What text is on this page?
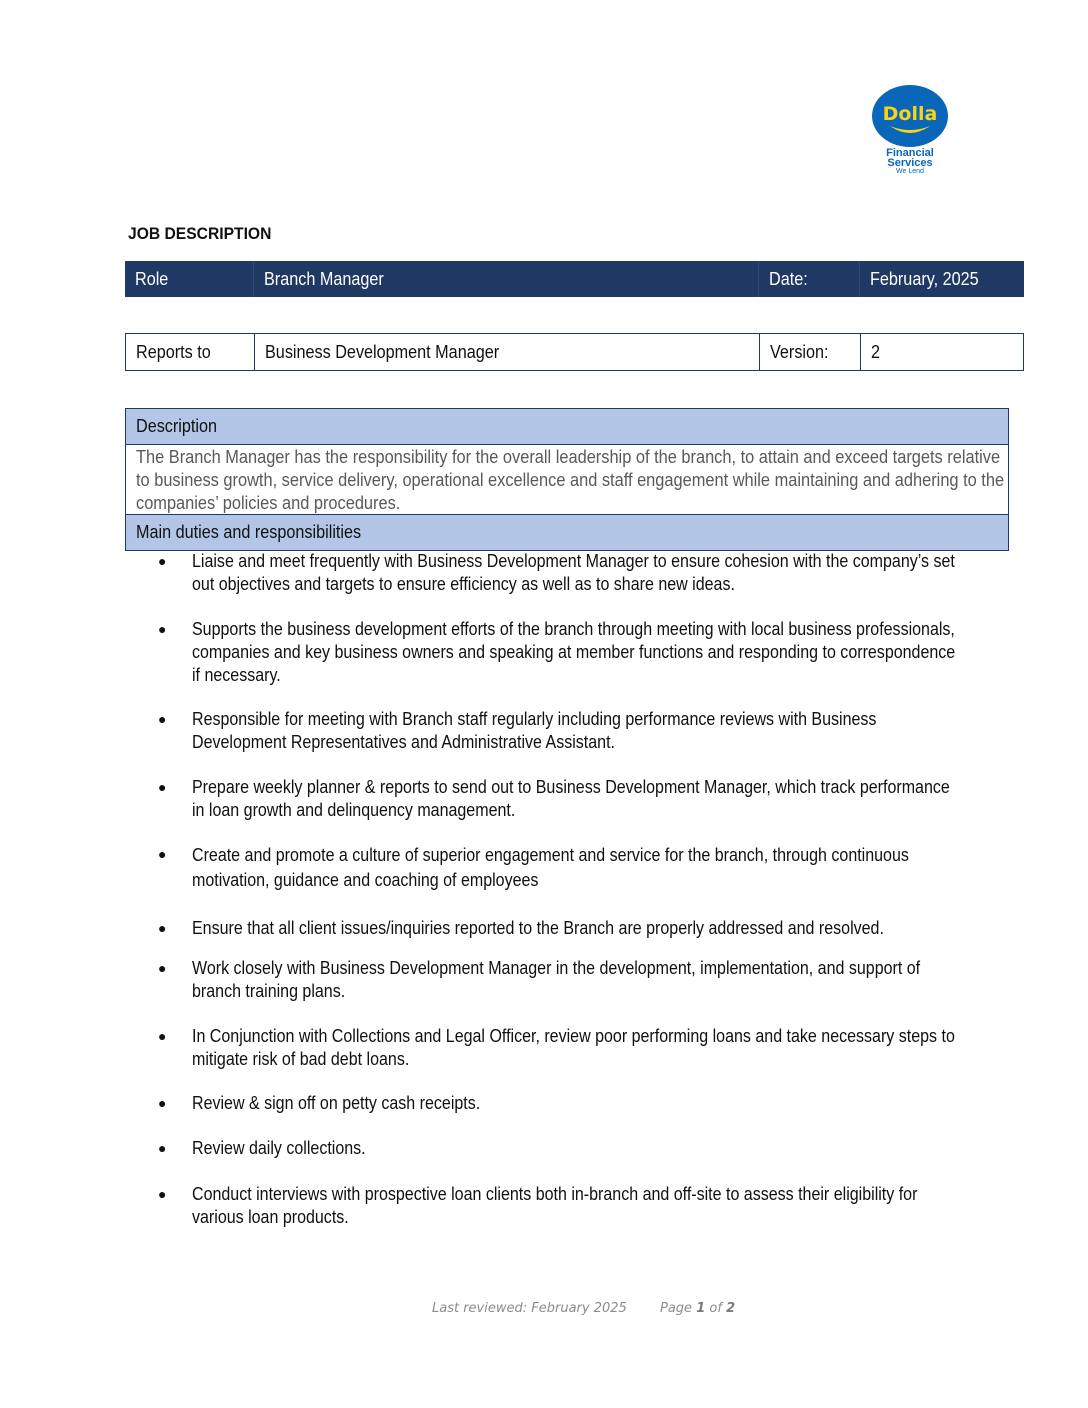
Dolla
Financial Services
We Lend
JOB DESCRIPTION
Role	Branch Manager	Date:	February, 2025
Reports to	Business Development Manager	Version:	2
Description
The Branch Manager has the responsibility for the overall leadership of the branch, to attain and exceed targets relative
to business growth, service delivery, operational excellence and staff engagement while maintaining and adhering to the
companies’ policies and procedures.
Main duties and responsibilities
● Liaise and meet frequently with Business Development Manager to ensure cohesion with the company’s set
out objectives and targets to ensure efficiency as well as to share new ideas.
● Supports the business development efforts of the branch through meeting with local business professionals,
companies and key business owners and speaking at member functions and responding to correspondence
if necessary.
● Responsible for meeting with Branch staff regularly including performance reviews with Business
Development Representatives and Administrative Assistant.
● Prepare weekly planner & reports to send out to Business Development Manager, which track performance
in loan growth and delinquency management.
● Create and promote a culture of superior engagement and service for the branch, through continuous
motivation, guidance and coaching of employees
● Ensure that all client issues/inquiries reported to the Branch are properly addressed and resolved.
● Work closely with Business Development Manager in the development, implementation, and support of
branch training plans.
● In Conjunction with Collections and Legal Officer, review poor performing loans and take necessary steps to
mitigate risk of bad debt loans.
● Review & sign off on petty cash receipts.
● Review daily collections.
● Conduct interviews with prospective loan clients both in-branch and off-site to assess their eligibility for
various loan products.
Last reviewed: February 2025	Page 1 of 2
